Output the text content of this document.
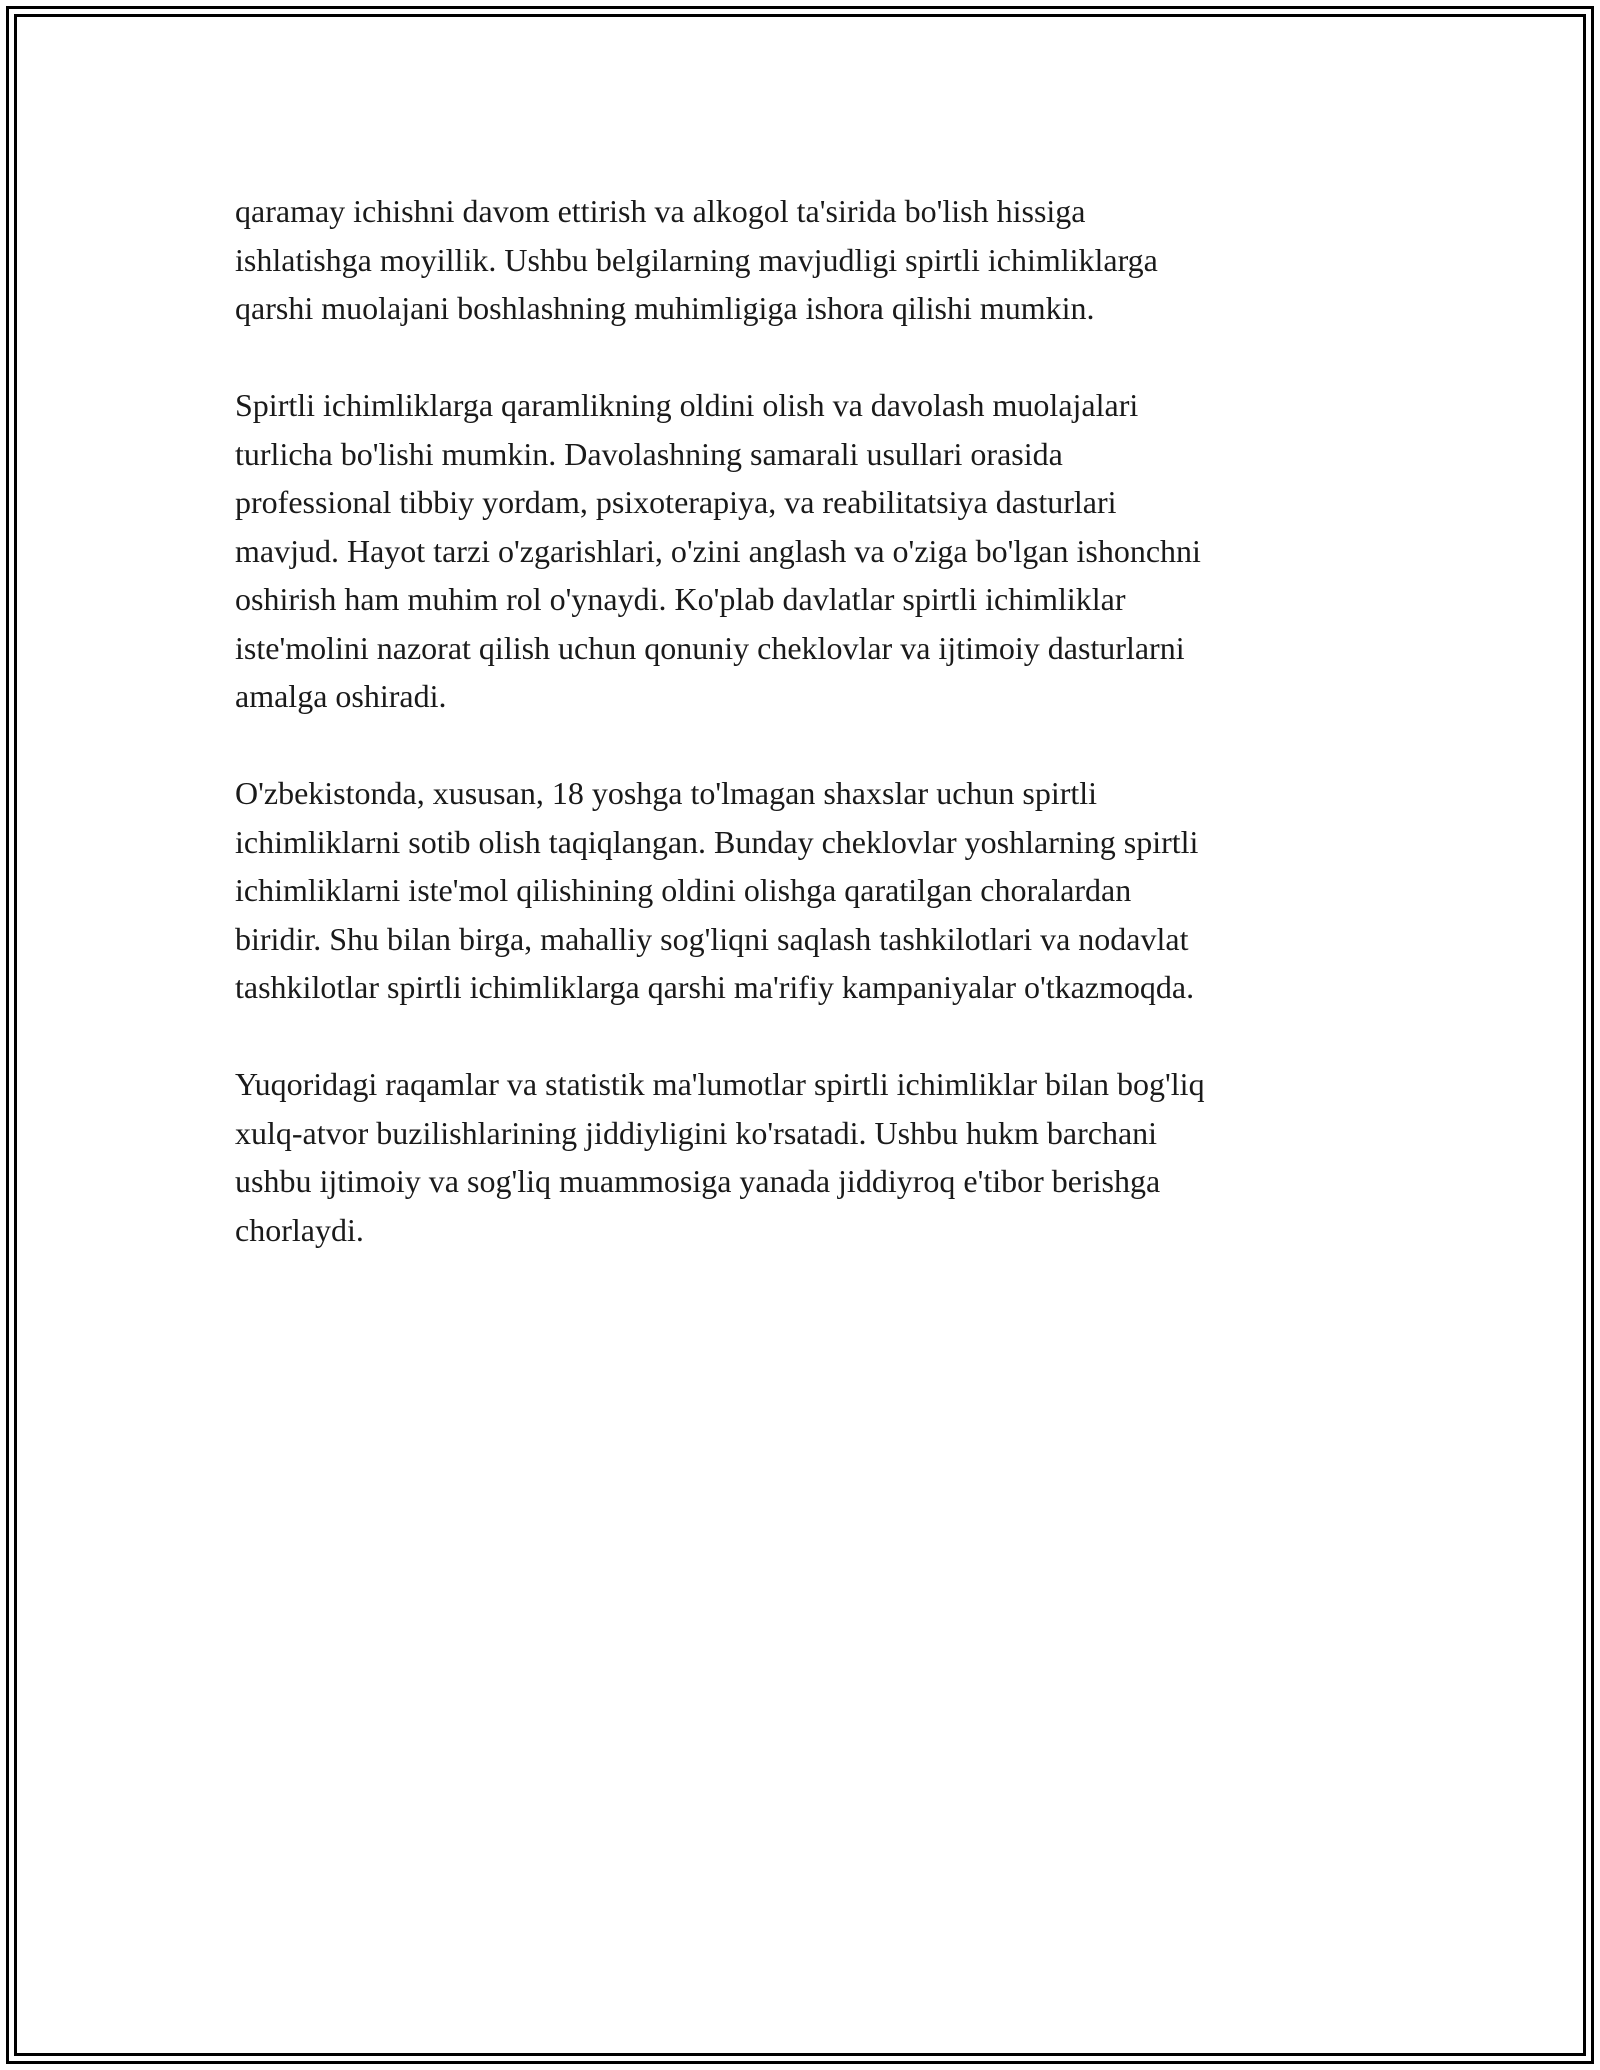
qaramay ichishni davom ettirish va alkogol ta'sirida bo'lish hissiga
ishlatishga moyillik. Ushbu belgilarning mavjudligi spirtli ichimliklarga
qarshi muolajani boshlashning muhimligiga ishora qilishi mumkin.

Spirtli ichimliklarga qaramlikning oldini olish va davolash muolajalari
turlicha bo'lishi mumkin. Davolashning samarali usullari orasida
professional tibbiy yordam, psixoterapiya, va reabilitatsiya dasturlari
mavjud. Hayot tarzi o'zgarishlari, o'zini anglash va o'ziga bo'lgan ishonchni
oshirish ham muhim rol o'ynaydi. Ko'plab davlatlar spirtli ichimliklar
iste'molini nazorat qilish uchun qonuniy cheklovlar va ijtimoiy dasturlarni
amalga oshiradi.

O'zbekistonda, xususan, 18 yoshga to'lmagan shaxslar uchun spirtli
ichimliklarni sotib olish taqiqlangan. Bunday cheklovlar yoshlarning spirtli
ichimliklarni iste'mol qilishining oldini olishga qaratilgan choralardan
biridir. Shu bilan birga, mahalliy sog'liqni saqlash tashkilotlari va nodavlat
tashkilotlar spirtli ichimliklarga qarshi ma'rifiy kampaniyalar o'tkazmoqda.

Yuqoridagi raqamlar va statistik ma'lumotlar spirtli ichimliklar bilan bog'liq
xulq-atvor buzilishlarining jiddiyligini ko'rsatadi. Ushbu hukm barchani
ushbu ijtimoiy va sog'liq muammosiga yanada jiddiyroq e'tibor berishga
chorlaydi.
